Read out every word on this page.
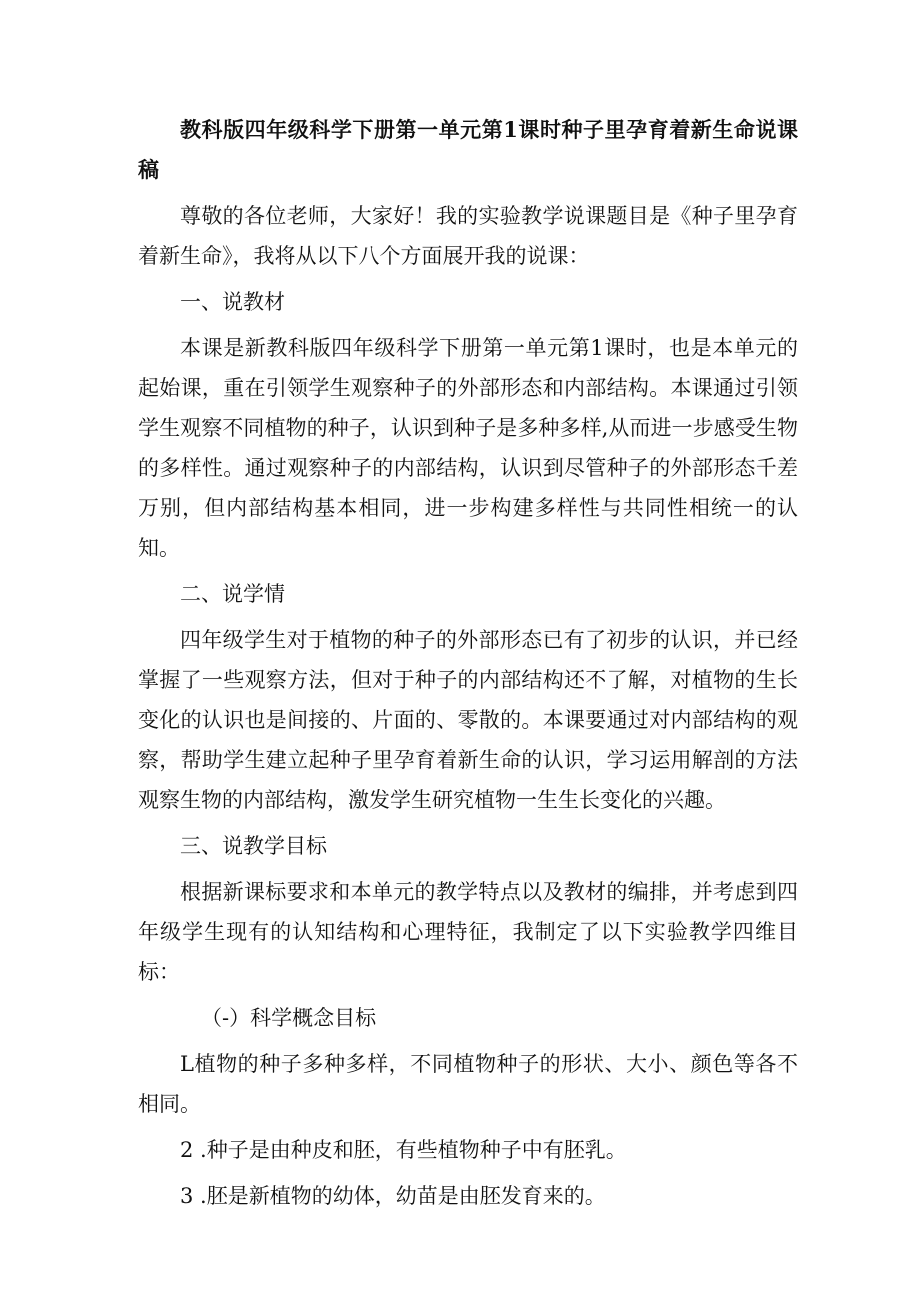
教科版四年级科学下册第一单元第1课时种子里孕育着新生命说课稿

尊敬的各位老师，大家好！我的实验教学说课题目是《种子里孕育着新生命》，我将从以下八个方面展开我的说课：

一、说教材

本课是新教科版四年级科学下册第一单元第1课时，也是本单元的起始课，重在引领学生观察种子的外部形态和内部结构。本课通过引领学生观察不同植物的种子，认识到种子是多种多样,从而进一步感受生物的多样性。通过观察种子的内部结构，认识到尽管种子的外部形态千差万别，但内部结构基本相同，进一步构建多样性与共同性相统一的认知。

二、说学情

四年级学生对于植物的种子的外部形态已有了初步的认识，并已经掌握了一些观察方法，但对于种子的内部结构还不了解，对植物的生长变化的认识也是间接的、片面的、零散的。本课要通过对内部结构的观察，帮助学生建立起种子里孕育着新生命的认识，学习运用解剖的方法观察生物的内部结构，激发学生研究植物一生生长变化的兴趣。

三、说教学目标

根据新课标要求和本单元的教学特点以及教材的编排，并考虑到四年级学生现有的认知结构和心理特征，我制定了以下实验教学四维目标：

（-）科学概念目标

L植物的种子多种多样，不同植物种子的形状、大小、颜色等各不相同。

2 .种子是由种皮和胚，有些植物种子中有胚乳。

3 .胚是新植物的幼体，幼苗是由胚发育来的。
